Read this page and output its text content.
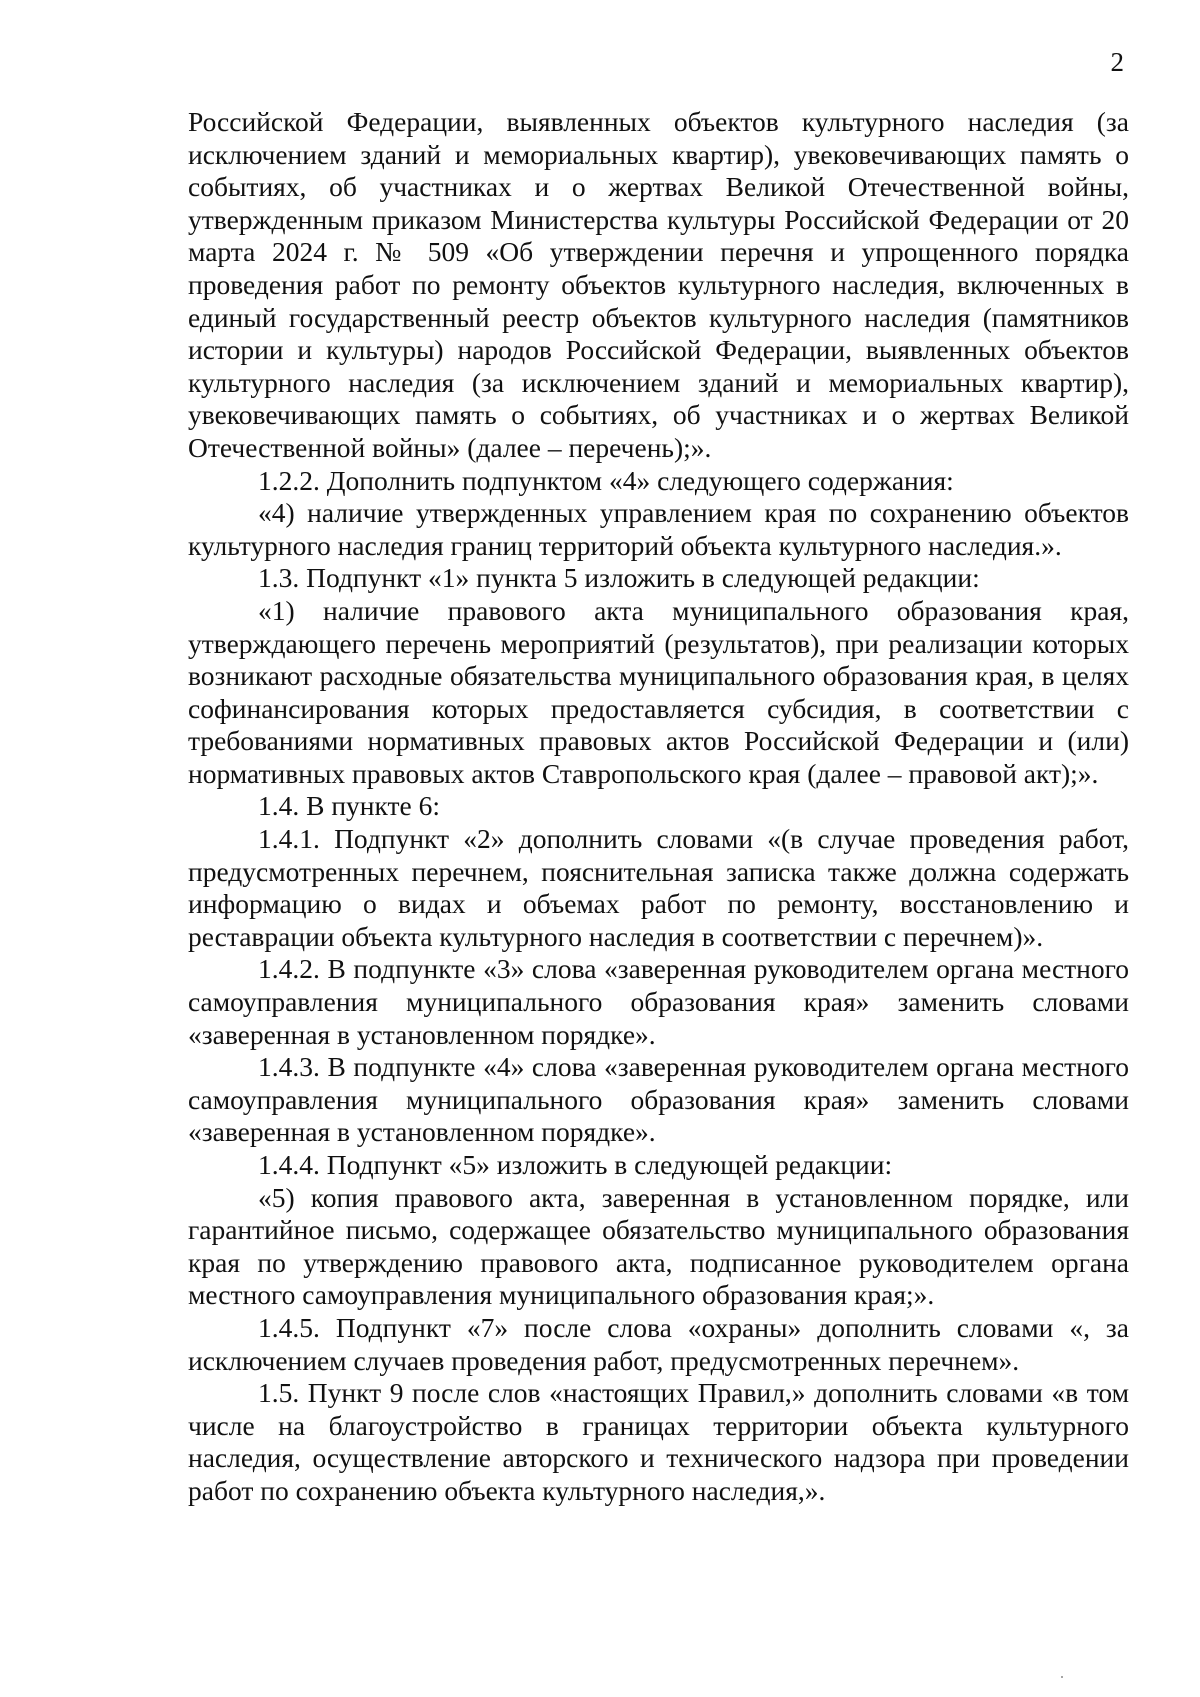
2

Российской Федерации, выявленных объектов культурного наследия (за исключением зданий и мемориальных квартир), увековечивающих память о событиях, об участниках и о жертвах Великой Отечественной войны, утвержденным приказом Министерства культуры Российской Федерации от 20 марта 2024 г. № 509 «Об утверждении перечня и упрощенного порядка проведения работ по ремонту объектов культурного наследия, включенных в единый государственный реестр объектов культурного наследия (памятников истории и культуры) народов Российской Федерации, выявленных объектов культурного наследия (за исключением зданий и мемориальных квартир), увековечивающих память о событиях, об участниках и о жертвах Великой Отечественной войны» (далее – перечень);».

1.2.2. Дополнить подпунктом «4» следующего содержания:

«4) наличие утвержденных управлением края по сохранению объектов культурного наследия границ территорий объекта культурного наследия.».

1.3. Подпункт «1» пункта 5 изложить в следующей редакции:

«1) наличие правового акта муниципального образования края, утверждающего перечень мероприятий (результатов), при реализации которых возникают расходные обязательства муниципального образования края, в целях софинансирования которых предоставляется субсидия, в соответствии с требованиями нормативных правовых актов Российской Федерации и (или) нормативных правовых актов Ставропольского края (далее – правовой акт);».

1.4. В пункте 6:

1.4.1. Подпункт «2» дополнить словами «(в случае проведения работ, предусмотренных перечнем, пояснительная записка также должна содержать информацию о видах и объемах работ по ремонту, восстановлению и реставрации объекта культурного наследия в соответствии с перечнем)».

1.4.2. В подпункте «3» слова «заверенная руководителем органа местного самоуправления муниципального образования края» заменить словами «заверенная в установленном порядке».

1.4.3. В подпункте «4» слова «заверенная руководителем органа местного самоуправления муниципального образования края» заменить словами «заверенная в установленном порядке».

1.4.4. Подпункт «5» изложить в следующей редакции:

«5) копия правового акта, заверенная в установленном порядке, или гарантийное письмо, содержащее обязательство муниципального образования края по утверждению правового акта, подписанное руководителем органа местного самоуправления муниципального образования края;».

1.4.5. Подпункт «7» после слова «охраны» дополнить словами «, за исключением случаев проведения работ, предусмотренных перечнем».

1.5. Пункт 9 после слов «настоящих Правил,» дополнить словами «в том числе на благоустройство в границах территории объекта культурного наследия, осуществление авторского и технического надзора при проведении работ по сохранению объекта культурного наследия,».
